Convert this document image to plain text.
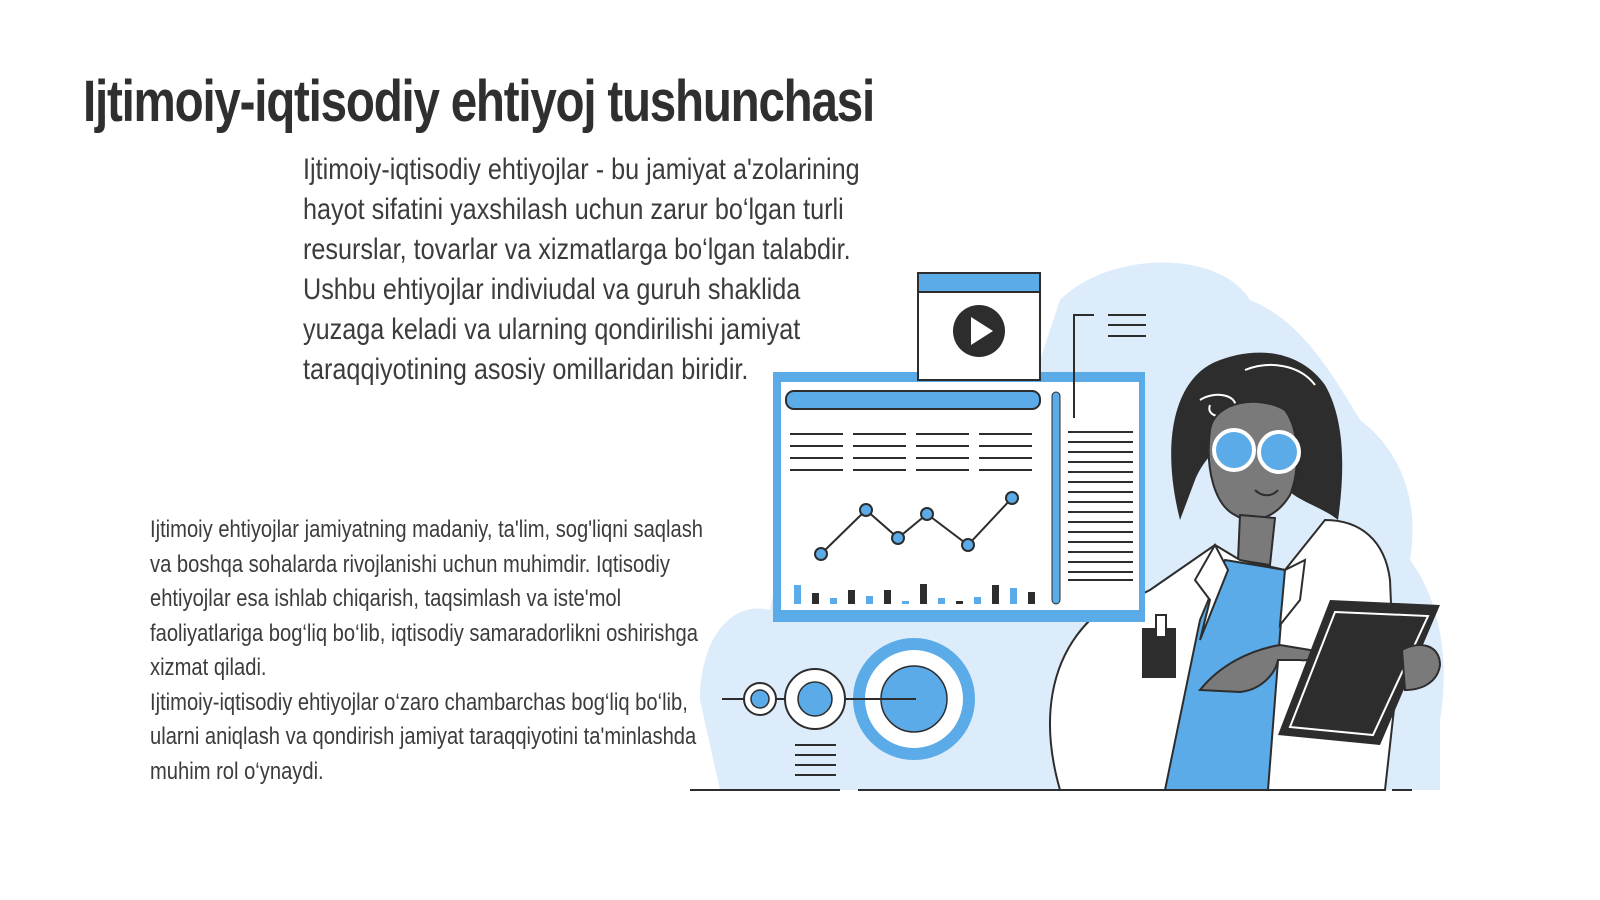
Ijtimoiy-iqtisodiy ehtiyoj tushunchasi

Ijtimoiy-iqtisodiy ehtiyojlar - bu jamiyat a'zolarining hayot sifatini yaxshilash uchun zarur bo‘lgan turli resurslar, tovarlar va xizmatlarga bo‘lgan talabdir. Ushbu ehtiyojlar indiviudal va guruh shaklida yuzaga keladi va ularning qondirilishi jamiyat taraqqiyotining asosiy omillaridan biridir.

Ijtimoiy ehtiyojlar jamiyatning madaniy, ta'lim, sog'liqni saqlash va boshqa sohalarda rivojlanishi uchun muhimdir. Iqtisodiy ehtiyojlar esa ishlab chiqarish, taqsimlash va iste'mol faoliyatlariga bog‘liq bo‘lib, iqtisodiy samaradorlikni oshirishga xizmat qiladi.

Ijtimoiy-iqtisodiy ehtiyojlar o‘zaro chambarchas bog‘liq bo‘lib, ularni aniqlash va qondirish jamiyat taraqqiyotini ta'minlashda muhim rol o‘ynaydi.
